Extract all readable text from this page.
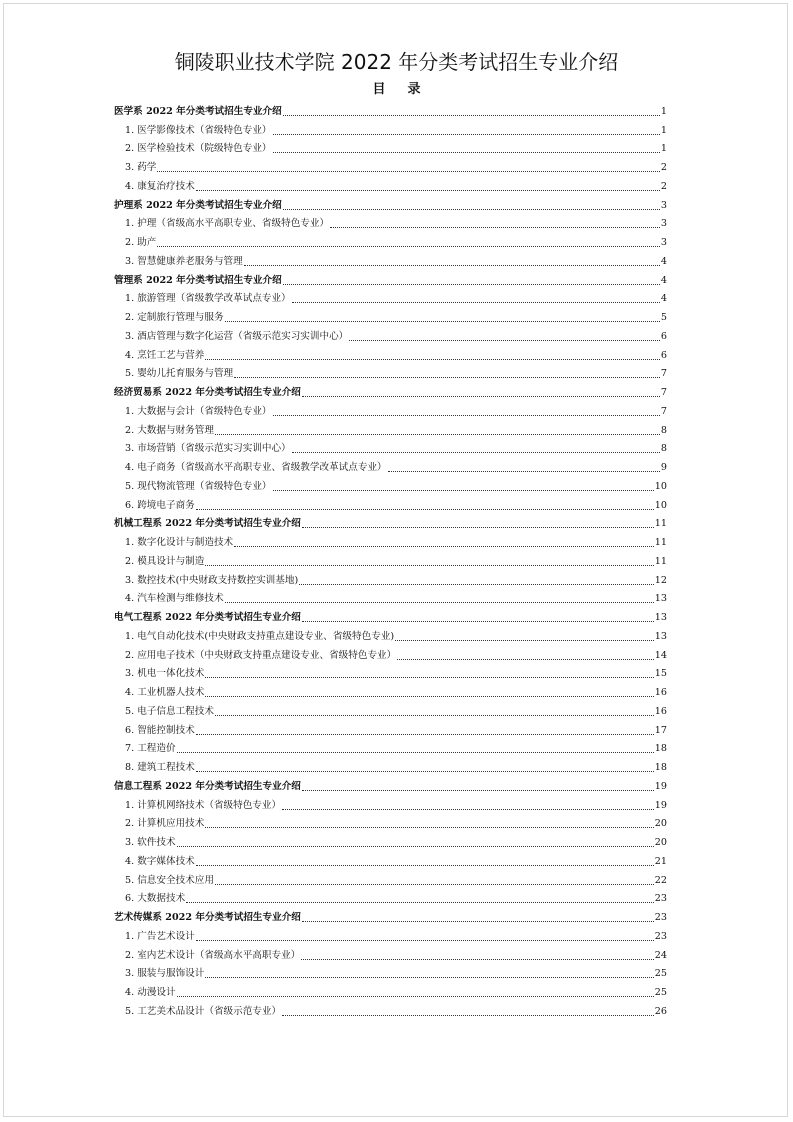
铜陵职业技术学院 2022 年分类考试招生专业介绍
目录
医学系 2022 年分类考试招生专业介绍	1
1. 医学影像技术（省级特色专业）	1
2. 医学检验技术（院级特色专业）	1
3. 药学	2
4. 康复治疗技术	2
护理系 2022 年分类考试招生专业介绍	3
1. 护理（省级高水平高职专业、省级特色专业）	3
2. 助产	3
3. 智慧健康养老服务与管理	4
管理系 2022 年分类考试招生专业介绍	4
1. 旅游管理（省级教学改革试点专业）	4
2. 定制旅行管理与服务	5
3. 酒店管理与数字化运营（省级示范实习实训中心）	6
4. 烹饪工艺与营养	6
5. 婴幼儿托育服务与管理	7
经济贸易系 2022 年分类考试招生专业介绍	7
1. 大数据与会计（省级特色专业）	7
2. 大数据与财务管理	8
3. 市场营销（省级示范实习实训中心）	8
4. 电子商务（省级高水平高职专业、省级教学改革试点专业）	9
5. 现代物流管理（省级特色专业）	10
6. 跨境电子商务	10
机械工程系 2022 年分类考试招生专业介绍	11
1. 数字化设计与制造技术	11
2. 模具设计与制造	11
3. 数控技术(中央财政支持数控实训基地)	12
4. 汽车检测与维修技术	13
电气工程系 2022 年分类考试招生专业介绍	13
1. 电气自动化技术(中央财政支持重点建设专业、省级特色专业)	13
2. 应用电子技术（中央财政支持重点建设专业、省级特色专业）	14
3. 机电一体化技术	15
4. 工业机器人技术	16
5. 电子信息工程技术	16
6. 智能控制技术	17
7. 工程造价	18
8. 建筑工程技术	18
信息工程系 2022 年分类考试招生专业介绍	19
1. 计算机网络技术（省级特色专业）	19
2. 计算机应用技术	20
3. 软件技术	20
4. 数字媒体技术	21
5. 信息安全技术应用	22
6. 大数据技术	23
艺术传媒系 2022 年分类考试招生专业介绍	23
1. 广告艺术设计	23
2. 室内艺术设计（省级高水平高职专业）	24
3. 服装与服饰设计	25
4. 动漫设计	25
5. 工艺美术品设计（省级示范专业）	26
